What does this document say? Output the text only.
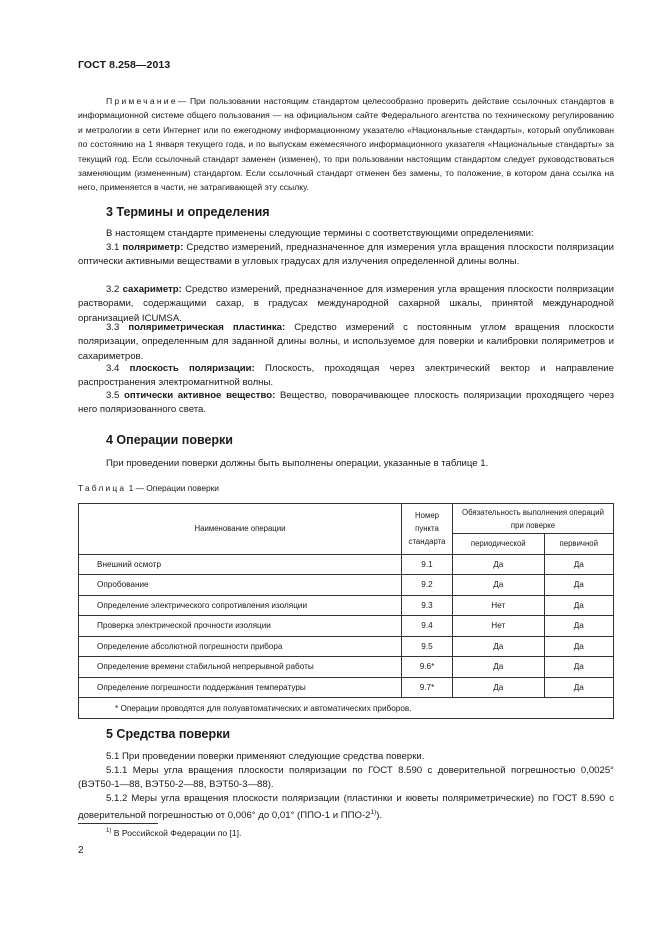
ГОСТ 8.258—2013
Примечание— При пользовании настоящим стандартом целесообразно проверить действие ссылочных стандартов в информационной системе общего пользования — на официальном сайте Федерального агентства по техническому регулированию и метрологии в сети Интернет или по ежегодному информационному указателю «Национальные стандарты», который опубликован по состоянию на 1 января текущего года, и по выпускам ежемесячного информационного указателя «Национальные стандарты» за текущий год. Если ссылочный стандарт заменен (изменен), то при пользовании настоящим стандартом следует руководствоваться заменяющим (измененным) стандартом. Если ссылочный стандарт отменен без замены, то положение, в котором дана ссылка на него, применяется в части, не затрагивающей эту ссылку.
3 Термины и определения
В настоящем стандарте применены следующие термины с соответствующими определениями:
3.1 поляриметр: Средство измерений, предназначенное для измерения угла вращения плоскости поляризации оптически активными веществами в угловых градусах для излучения определенной длины волны.
3.2 сахариметр: Средство измерений, предназначенное для измерения угла вращения плоскости поляризации растворами, содержащими сахар, в градусах международной сахарной шкалы, принятой международной организацией ICUMSA.
3.3 поляриметрическая пластинка: Средство измерений с постоянным углом вращения плоскости поляризации, определенным для заданной длины волны, и используемое для поверки и калибровки поляриметров и сахариметров.
3.4 плоскость поляризации: Плоскость, проходящая через электрический вектор и направление распространения электромагнитной волны.
3.5 оптически активное вещество: Вещество, поворачивающее плоскость поляризации проходящего через него поляризованного света.
4 Операции поверки
При проведении поверки должны быть выполнены операции, указанные в таблице 1.
Таблица 1 — Операции поверки
Наименование операции	Номер пункта стандарта	Обязательность выполнения операций при поверке	
		периодической	первичной
Внешний осмотр	9.1	Да	Да
Опробование	9.2	Да	Да
Определение электрического сопротивления изоляции	9.3	Нет	Да
Проверка электрической прочности изоляции	9.4	Нет	Да
Определение абсолютной погрешности прибора	9.5	Да	Да
Определение времени стабильной непрерывной работы	9.6*	Да	Да
Определение погрешности поддержания температуры	9.7*	Да	Да
* Операции проводятся для полуавтоматических и автоматических приборов.			
5 Средства поверки
5.1 При проведении поверки применяют следующие средства поверки.
5.1.1 Меры угла вращения плоскости поляризации по ГОСТ 8.590 с доверительной погрешностью 0,0025° (ВЭТ50-1—88, ВЭТ50-2—88, ВЭТ50-3—88).
5.1.2 Меры угла вращения плоскости поляризации (пластинки и кюветы поляриметрические) по ГОСТ 8.590 с доверительной погрешностью от 0,006° до 0,01° (ППО-1 и ППО-2$^{1)}$).
$^{1)}$ В Российской Федерации по [1].
2
